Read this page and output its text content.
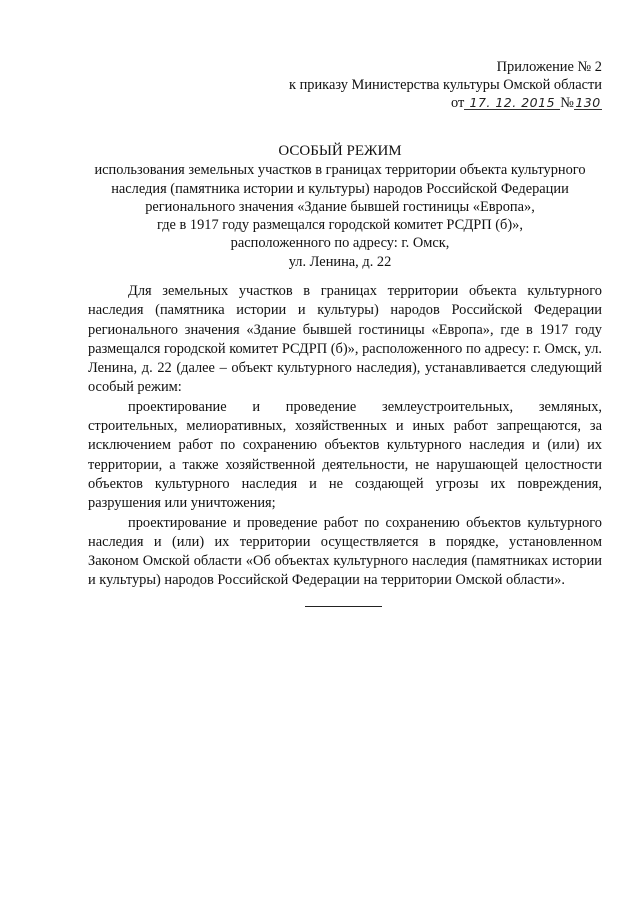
Приложение № 2
к приказу Министерства культуры Омской области
от 17. 12. 2015 №130
ОСОБЫЙ РЕЖИМ
использования земельных участков в границах территории объекта культурного
наследия (памятника истории и культуры) народов Российской Федерации
регионального значения «Здание бывшей гостиницы «Европа»,
где в 1917 году размещался городской комитет РСДРП (б)»,
расположенного по адресу: г. Омск,
ул. Ленина, д. 22

Для земельных участков в границах территории объекта культурного наследия (памятника истории и культуры) народов Российской Федерации регионального значения «Здание бывшей гостиницы «Европа», где в 1917 году размещался городской комитет РСДРП (б)», расположенного по адресу: г. Омск, ул. Ленина, д. 22 (далее – объект культурного наследия), устанавливается следующий особый режим:

проектирование и проведение землеустроительных, земляных, строительных, мелиоративных, хозяйственных и иных работ запрещаются, за исключением работ по сохранению объектов культурного наследия и (или) их территории, а также хозяйственной деятельности, не нарушающей целостности объектов культурного наследия и не создающей угрозы их повреждения, разрушения или уничтожения;

проектирование и проведение работ по сохранению объектов культурного наследия и (или) их территории осуществляется в порядке, установленном Законом Омской области «Об объектах культурного наследия (памятниках истории и культуры) народов Российской Федерации на территории Омской области».
